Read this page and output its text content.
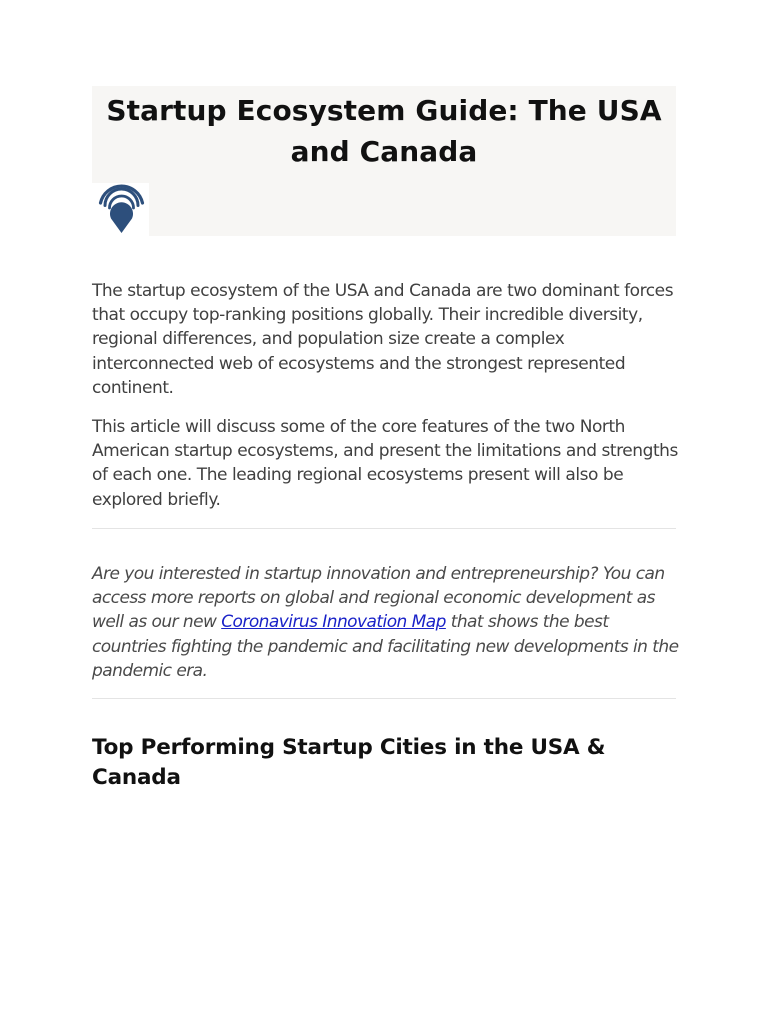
Startup Ecosystem Guide: The USA and Canada

The startup ecosystem of the USA and Canada are two dominant forces that occupy top-ranking positions globally. Their incredible diversity, regional differences, and population size create a complex interconnected web of ecosystems and the strongest represented continent.

This article will discuss some of the core features of the two North American startup ecosystems, and present the limitations and strengths of each one. The leading regional ecosystems present will also be explored briefly.

Are you interested in startup innovation and entrepreneurship? You can access more reports on global and regional economic development as well as our new Coronavirus Innovation Map that shows the best countries fighting the pandemic and facilitating new developments in the pandemic era.

Top Performing Startup Cities in the USA & Canada
